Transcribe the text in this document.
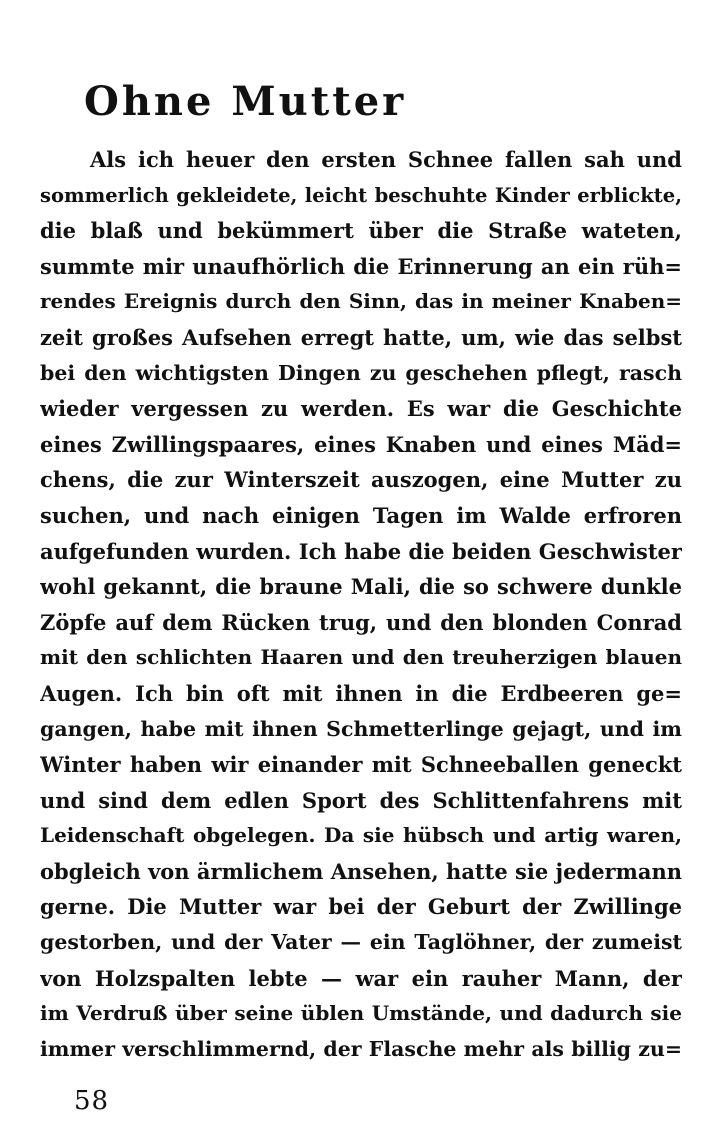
Ohne Mutter
Als ich heuer den ersten Schnee fallen sah und
sommerlich gekleidete, leicht beschuhte Kinder erblickte,
die blaß und bekümmert über die Straße wateten,
summte mir unaufhörlich die Erinnerung an ein rüh=
rendes Ereignis durch den Sinn, das in meiner Knaben=
zeit großes Aufsehen erregt hatte, um, wie das selbst
bei den wichtigsten Dingen zu geschehen pflegt, rasch
wieder vergessen zu werden. Es war die Geschichte
eines Zwillingspaares, eines Knaben und eines Mäd=
chens, die zur Winterszeit auszogen, eine Mutter zu
suchen, und nach einigen Tagen im Walde erfroren
aufgefunden wurden. Ich habe die beiden Geschwister
wohl gekannt, die braune Mali, die so schwere dunkle
Zöpfe auf dem Rücken trug, und den blonden Conrad
mit den schlichten Haaren und den treuherzigen blauen
Augen. Ich bin oft mit ihnen in die Erdbeeren ge=
gangen, habe mit ihnen Schmetterlinge gejagt, und im
Winter haben wir einander mit Schneeballen geneckt
und sind dem edlen Sport des Schlittenfahrens mit
Leidenschaft obgelegen. Da sie hübsch und artig waren,
obgleich von ärmlichem Ansehen, hatte sie jedermann
gerne. Die Mutter war bei der Geburt der Zwillinge
gestorben, und der Vater — ein Taglöhner, der zumeist
von Holzspalten lebte — war ein rauher Mann, der
im Verdruß über seine üblen Umstände, und dadurch sie
immer verschlimmernd, der Flasche mehr als billig zu=
58
